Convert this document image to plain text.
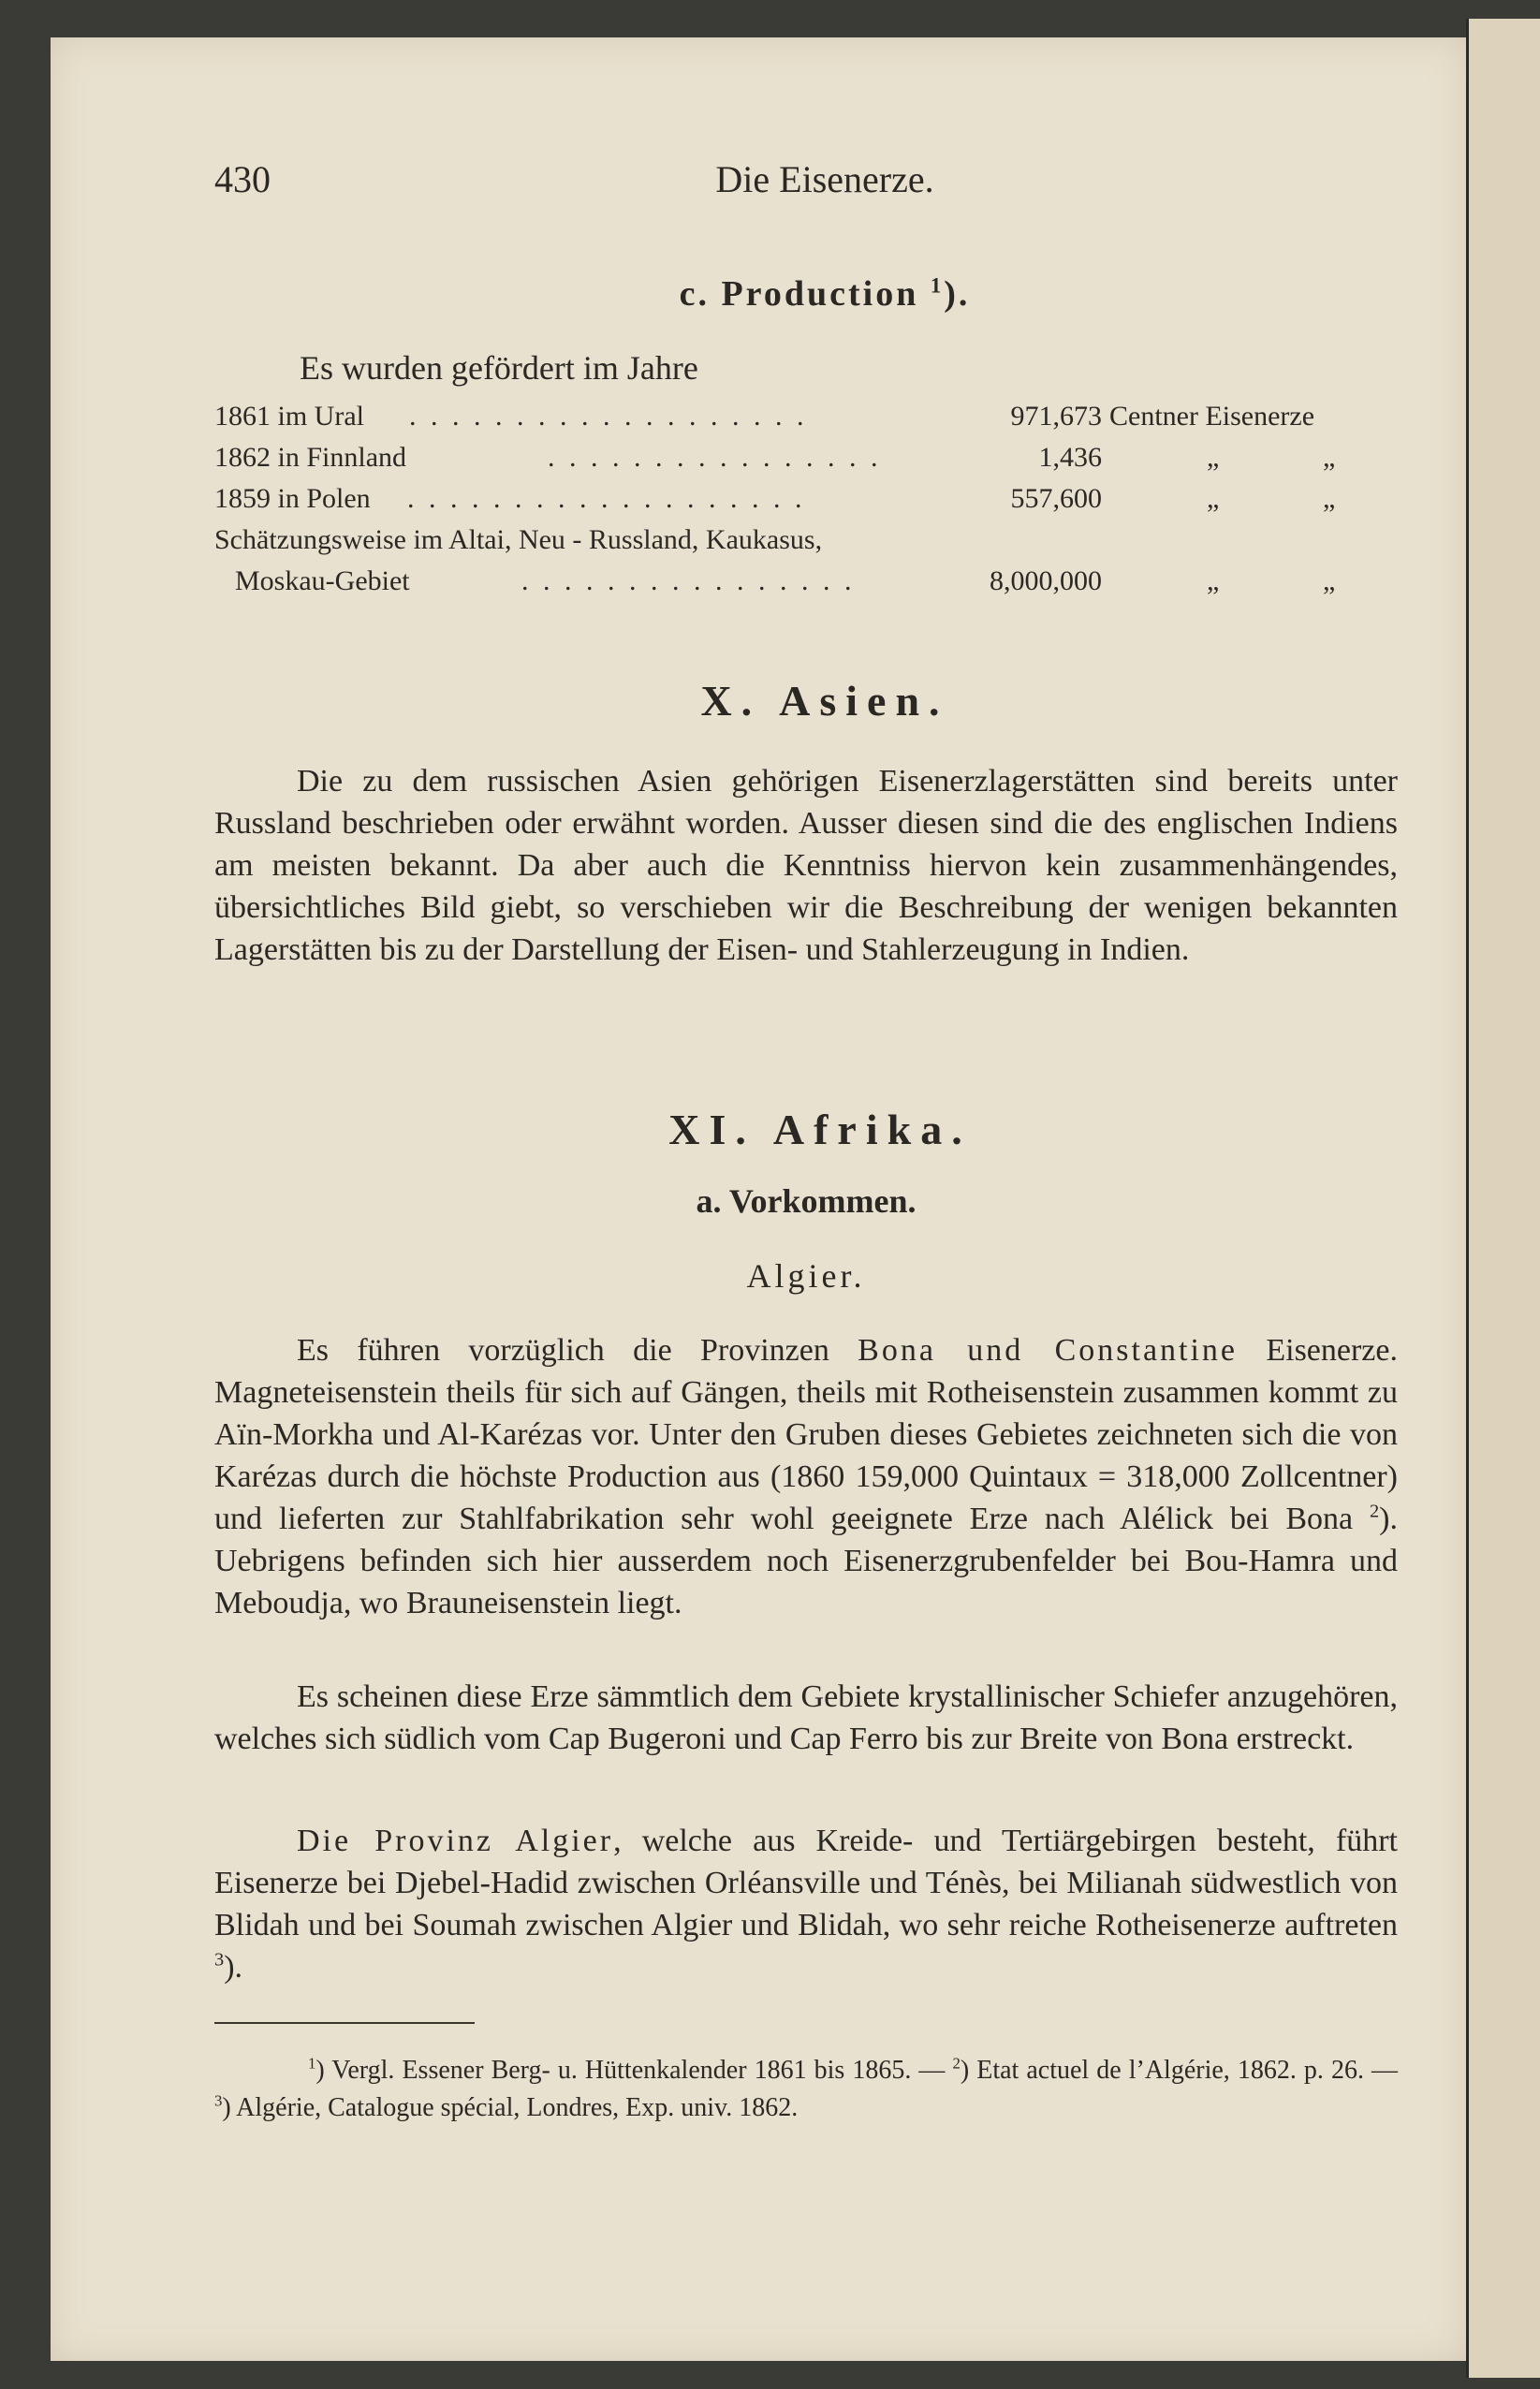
430	Die Eisenerze.
c. Production $^1$).
Es wurden gefördert im Jahre
1861 im Ural . . . . . . . . . . . . . . . . . . .	971,673 Centner Eisenerze
1862 in Finnland	. . . . . . . . . . . . . . . .	1,436	„	„
1859 in Polen . . . . . . . . . . . . . . . . . . .	557,600	„	„
Schätzungsweise im Altai, Neu - Russland, Kaukasus,
Moskau-Gebiet	. . . . . . . . . . . . . . . .	8,000,000	„	„
X. Asien.
Die zu dem russischen Asien gehörigen Eisenerzlagerstätten sind bereits unter Russland beschrieben oder erwähnt worden. Ausser diesen sind die des englischen Indiens am meisten bekannt. Da aber auch die Kenntniss hiervon kein zusammenhängendes, übersichtliches Bild giebt, so verschieben wir die Beschreibung der wenigen bekannten Lagerstätten bis zu der Darstellung der Eisen- und Stahlerzeugung in Indien.
XI. Afrika.
a. Vorkommen.
Algier.
Es führen vorzüglich die Provinzen Bona und Constantine Eisenerze. Magneteisenstein theils für sich auf Gängen, theils mit Rotheisenstein zusammen kommt zu Aïn-Morkha und Al-Karézas vor. Unter den Gruben dieses Gebietes zeichneten sich die von Karézas durch die höchste Production aus (1860 159,000 Quintaux = 318,000 Zollcentner) und lieferten zur Stahlfabrikation sehr wohl geeignete Erze nach Alélick bei Bona $^2$). Uebrigens befinden sich hier ausserdem noch Eisenerzgrubenfelder bei Bou-Hamra und Meboudja, wo Brauneisenstein liegt.
Es scheinen diese Erze sämmtlich dem Gebiete krystallinischer Schiefer anzugehören, welches sich südlich vom Cap Bugeroni und Cap Ferro bis zur Breite von Bona erstreckt.
Die Provinz Algier, welche aus Kreide- und Tertiärgebirgen besteht, führt Eisenerze bei Djebel-Hadid zwischen Orléansville und Ténès, bei Milianah südwestlich von Blidah und bei Soumah zwischen Algier und Blidah, wo sehr reiche Rotheisenerze auftreten $^3$).
$^1$) Vergl. Essener Berg- u. Hüttenkalender 1861 bis 1865. — $^2$) Etat actuel de l’Algérie, 1862. p. 26. — $^3$) Algérie, Catalogue spécial, Londres, Exp. univ. 1862.
